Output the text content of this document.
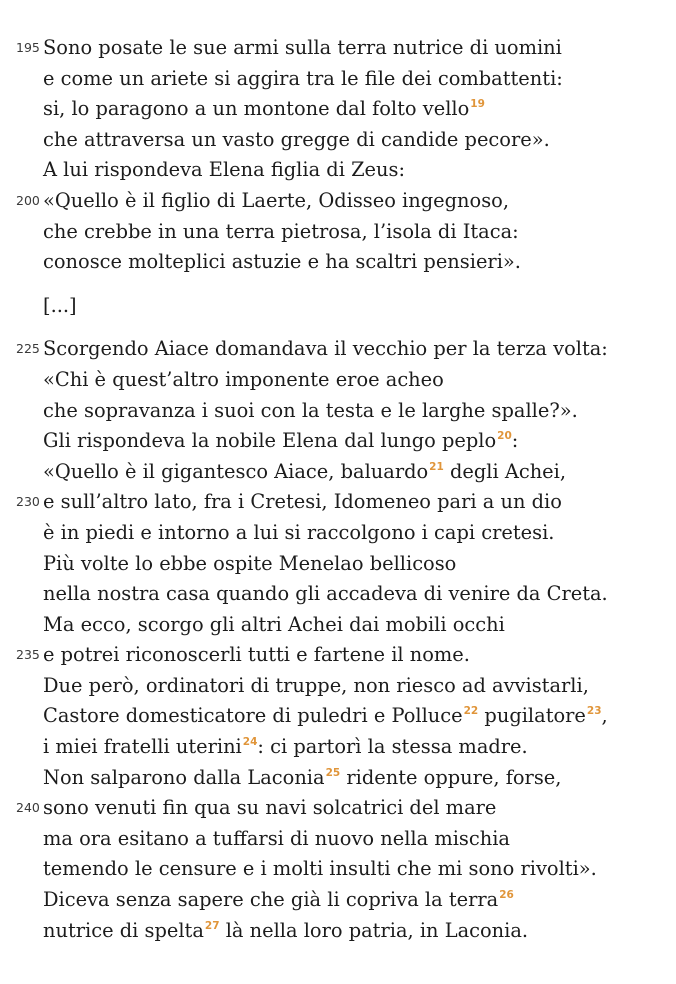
195 Sono posate le sue armi sulla terra nutrice di uomini
e come un ariete si aggira tra le file dei combattenti:
si, lo paragono a un montone dal folto vello$^{19}$
che attraversa un vasto gregge di candide pecore».
A lui rispondeva Elena figlia di Zeus:
200 «Quello è il figlio di Laerte, Odisseo ingegnoso,
che crebbe in una terra pietrosa, l’isola di Itaca:
conosce molteplici astuzie e ha scaltri pensieri».
[...]
225 Scorgendo Aiace domandava il vecchio per la terza volta:
«Chi è quest’altro imponente eroe acheo
che sopravanza i suoi con la testa e le larghe spalle?».
Gli rispondeva la nobile Elena dal lungo peplo$^{20}$:
«Quello è il gigantesco Aiace, baluardo$^{21}$ degli Achei,
230 e sull’altro lato, fra i Cretesi, Idomeneo pari a un dio
è in piedi e intorno a lui si raccolgono i capi cretesi.
Più volte lo ebbe ospite Menelao bellicoso
nella nostra casa quando gli accadeva di venire da Creta.
Ma ecco, scorgo gli altri Achei dai mobili occhi
235 e potrei riconoscerli tutti e fartene il nome.
Due però, ordinatori di truppe, non riesco ad avvistarli,
Castore domesticatore di puledri e Polluce$^{22}$ pugilatore$^{23}$,
i miei fratelli uterini$^{24}$: ci partorì la stessa madre.
Non salparono dalla Laconia$^{25}$ ridente oppure, forse,
240 sono venuti fin qua su navi solcatrici del mare
ma ora esitano a tuffarsi di nuovo nella mischia
temendo le censure e i molti insulti che mi sono rivolti».
Diceva senza sapere che già li copriva la terra$^{26}$
nutrice di spelta$^{27}$ là nella loro patria, in Laconia.
